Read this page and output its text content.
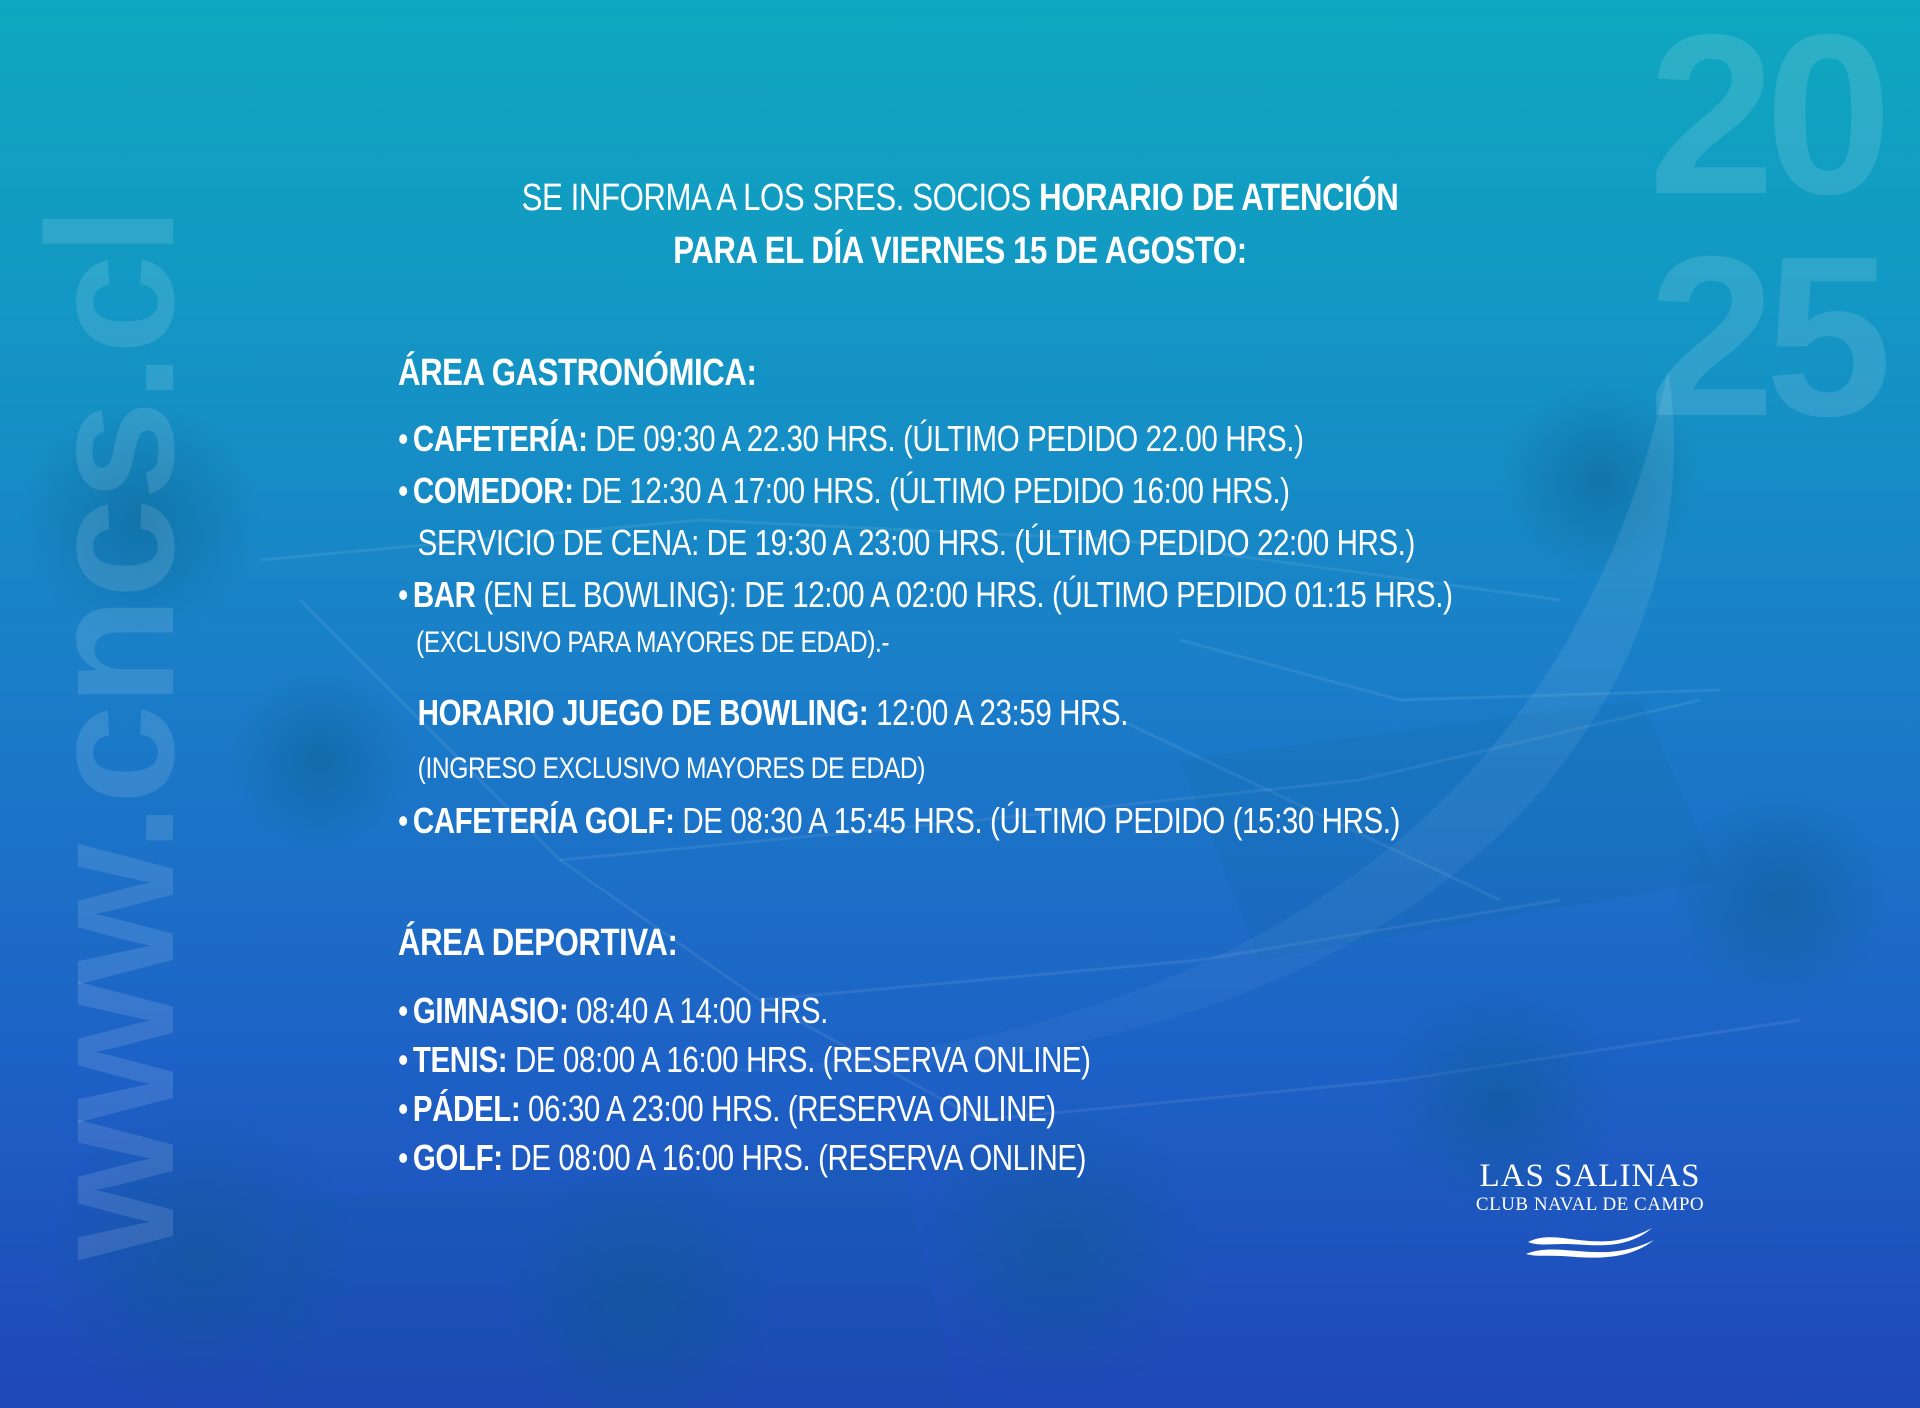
www.cncs.cl
20
25
SE INFORMA A LOS SRES. SOCIOS HORARIO DE ATENCIÓN
PARA EL DÍA VIERNES 15 DE AGOSTO:
ÁREA GASTRONÓMICA:
• CAFETERÍA: DE 09:30 A 22.30 HRS. (ÚLTIMO PEDIDO 22.00 HRS.)
• COMEDOR: DE 12:30 A 17:00 HRS. (ÚLTIMO PEDIDO 16:00 HRS.)
SERVICIO DE CENA: DE 19:30 A 23:00 HRS. (ÚLTIMO PEDIDO 22:00 HRS.)
• BAR (EN EL BOWLING): DE 12:00 A 02:00 HRS. (ÚLTIMO PEDIDO 01:15 HRS.)
(EXCLUSIVO PARA MAYORES DE EDAD).-
HORARIO JUEGO DE BOWLING: 12:00 A 23:59 HRS.
(INGRESO EXCLUSIVO MAYORES DE EDAD)
• CAFETERÍA GOLF: DE 08:30 A 15:45 HRS. (ÚLTIMO PEDIDO (15:30 HRS.)
ÁREA DEPORTIVA:
• GIMNASIO: 08:40 A 14:00 HRS.
• TENIS: DE 08:00 A 16:00 HRS. (RESERVA ONLINE)
• PÁDEL: 06:30 A 23:00 HRS. (RESERVA ONLINE)
• GOLF: DE 08:00 A 16:00 HRS. (RESERVA ONLINE)	LAS SALINAS
CLUB NAVAL DE CAMPO
